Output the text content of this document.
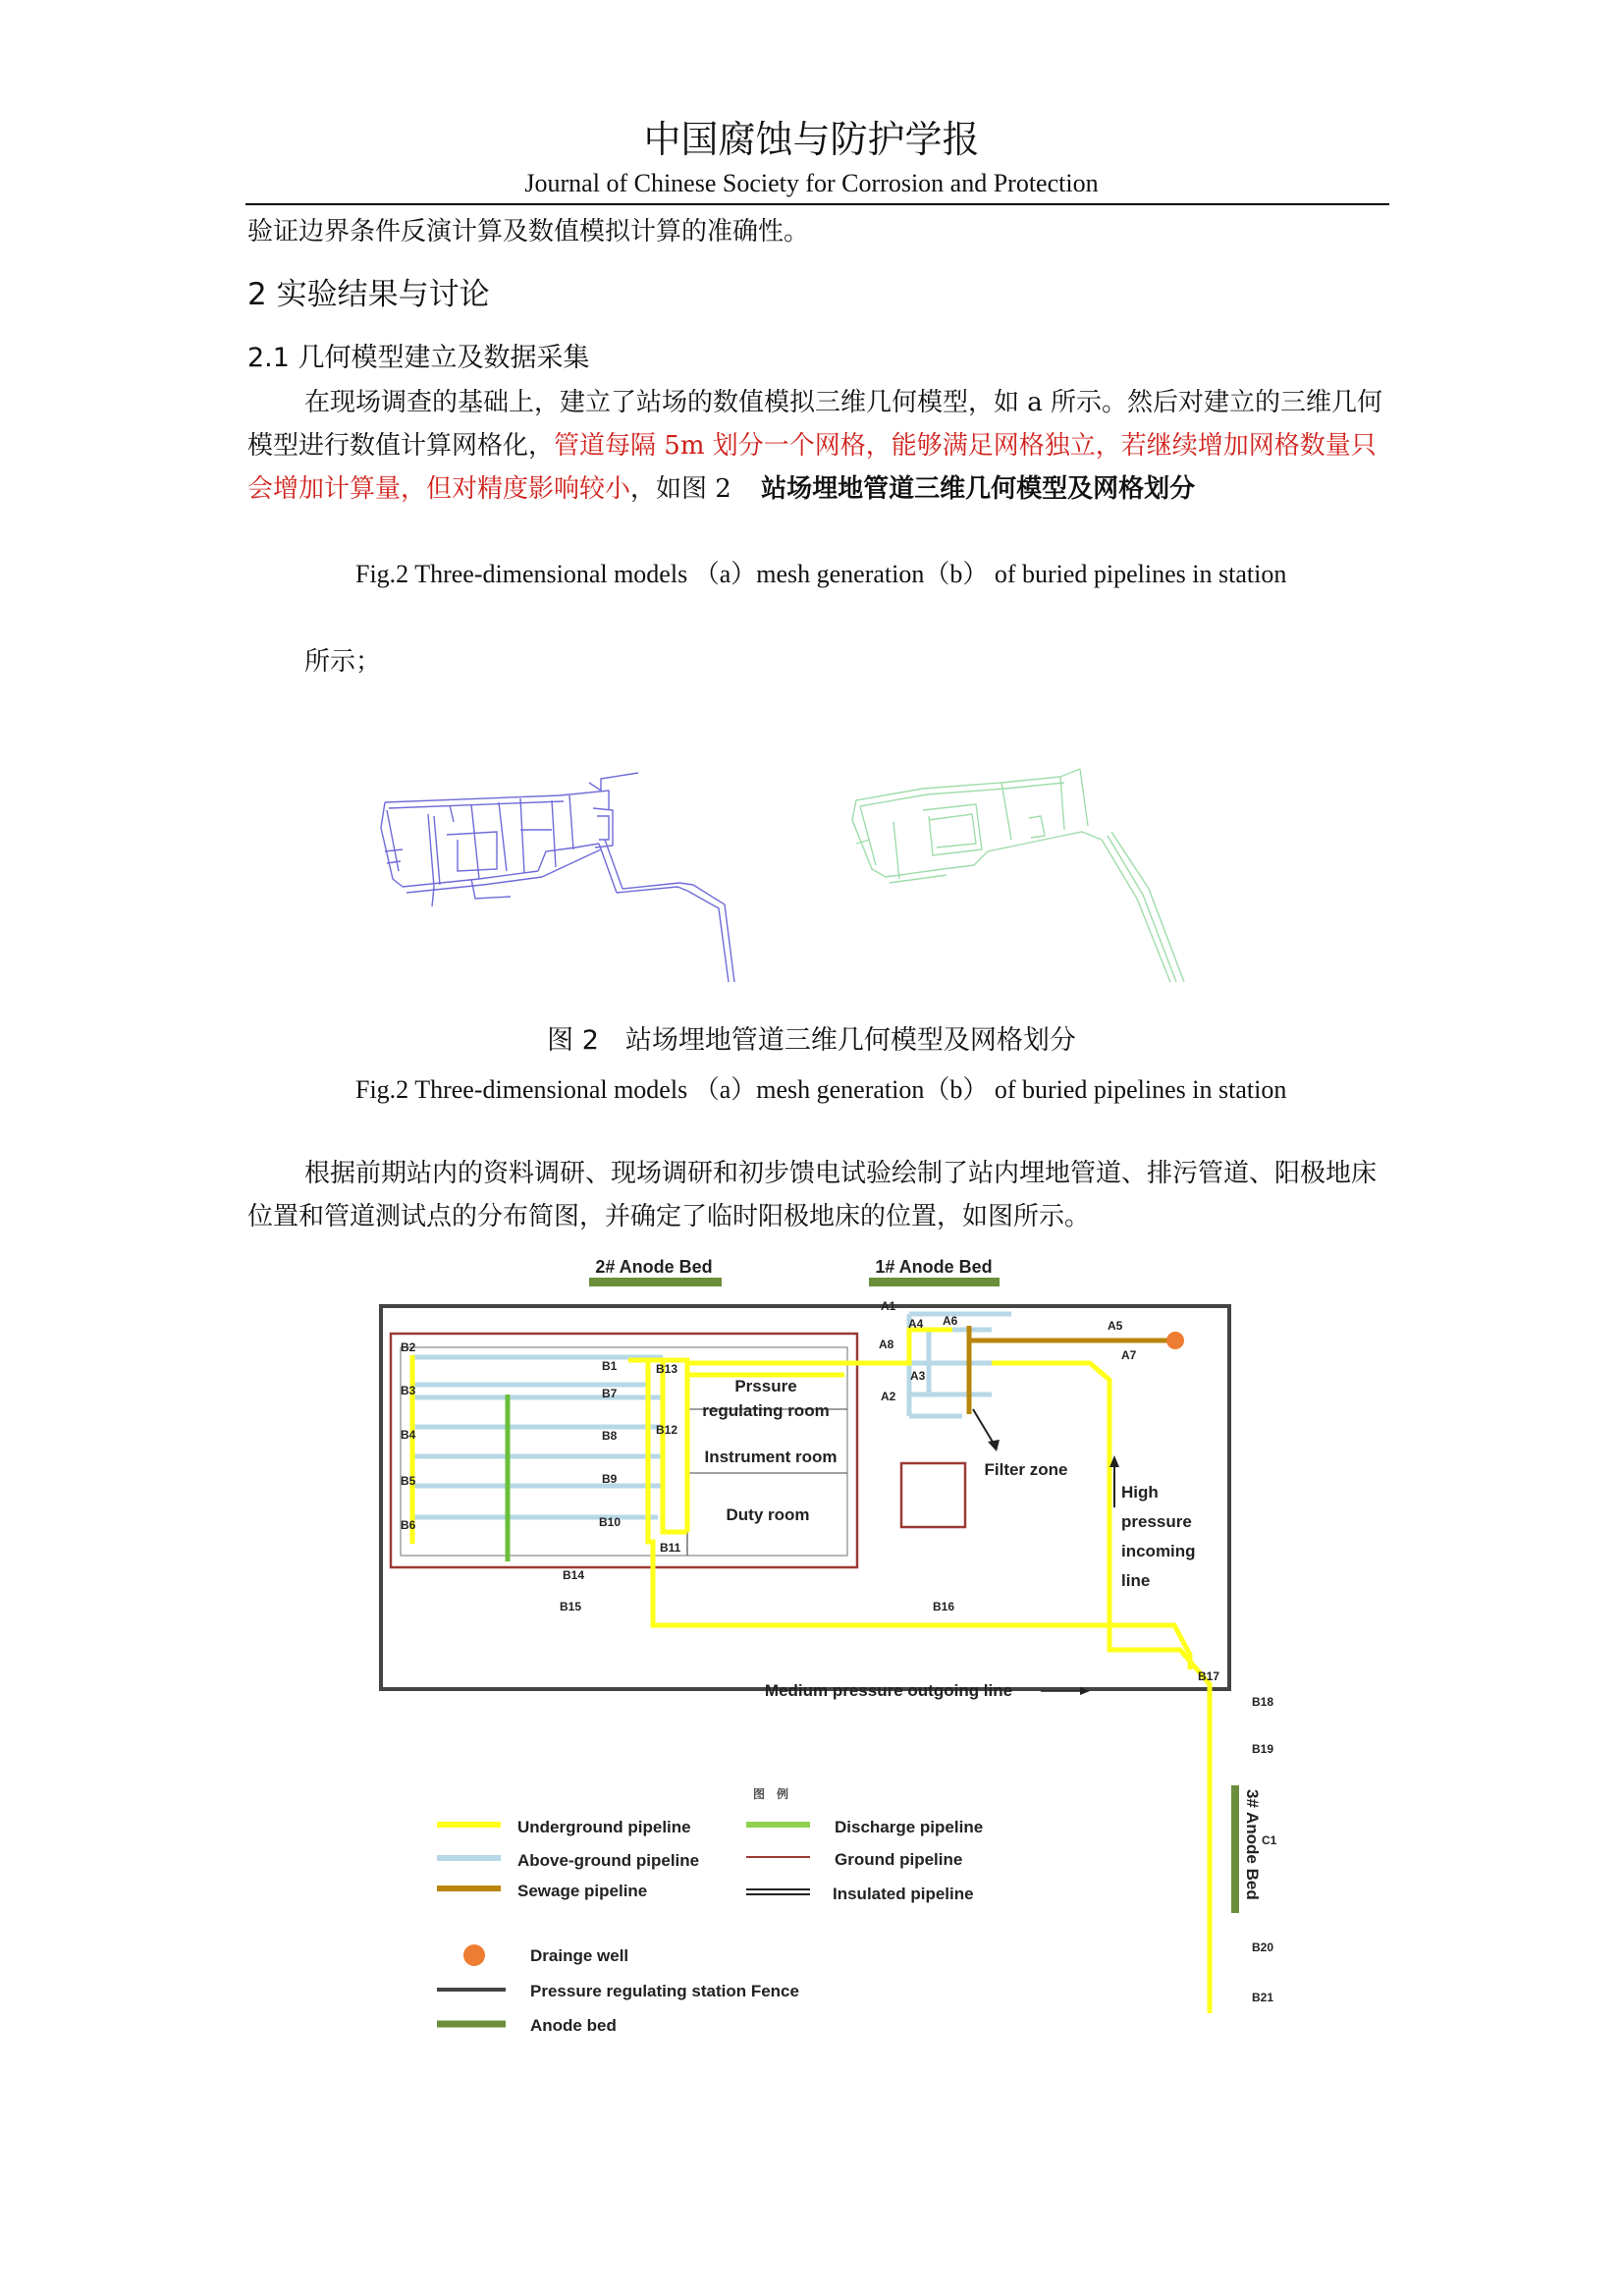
中国腐蚀与防护学报
Journal of Chinese Society for Corrosion and Protection
验证边界条件反演计算及数值模拟计算的准确性。
2 实验结果与讨论
2.1 几何模型建立及数据采集
在现场调查的基础上，建立了站场的数值模拟三维几何模型，如 a 所示。然后对建立的三维几何模型进行数值计算网格化，管道每隔 5m 划分一个网格，能够满足网格独立，若继续增加网格数量只会增加计算量，但对精度影响较小，如图 2 站场埋地管道三维几何模型及网格划分
Fig.2 Three-dimensional models （a）mesh generation（b） of buried pipelines in station
所示；
图 2　站场埋地管道三维几何模型及网格划分
Fig.2 Three-dimensional models （a）mesh generation（b） of buried pipelines in station
根据前期站内的资料调研、现场调研和初步馈电试验绘制了站内埋地管道、排污管道、阳极地床位置和管道测试点的分布简图，并确定了临时阳极地床的位置，如图所示。
2# Anode Bed	1# Anode Bed
Prssure
regulating room
Instrument room
Duty room
Filter zone
High
pressure
incoming
line
Medium pressure outgoing line
3# Anode Bed
A1
A4 A6	A5
A7
A8
A3
A2
B2
B3
B4
B5
B6
B1
B7
B8
B9
B10
B13
B12
B11
B14
B15	B16
B17
B18
B19
C1
B20
B21
图　例
Underground pipeline
Above-ground pipeline
Sewage pipeline
Discharge pipeline
Ground pipeline
Insulated pipeline
Drainge well
Pressure regulating station Fence
Anode bed
